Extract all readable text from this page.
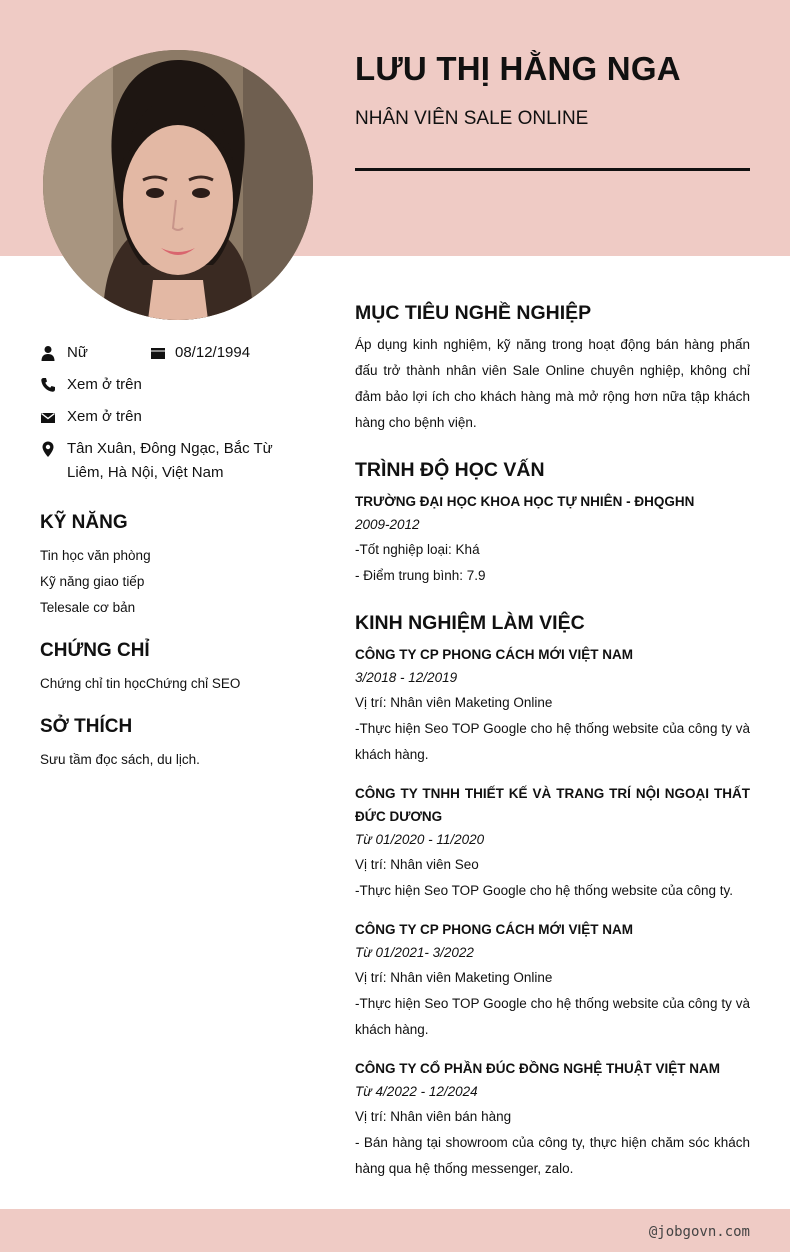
LƯU THỊ HẰNG NGA
NHÂN VIÊN SALE ONLINE
Nữ	08/12/1994
Xem ở trên
Xem ở trên
Tân Xuân, Đông Ngạc, Bắc Từ
Liêm, Hà Nội, Việt Nam
KỸ NĂNG
Tin học văn phòng
Kỹ năng giao tiếp
Telesale cơ bản
CHỨNG CHỈ
Chứng chỉ tin họcChứng chỉ SEO
SỞ THÍCH
Sưu tầm đọc sách, du lịch.
MỤC TIÊU NGHỀ NGHIỆP
Áp dụng kinh nghiệm, kỹ năng trong hoạt động bán hàng phấn đấu trở thành nhân viên Sale Online chuyên nghiệp, không chỉ đảm bảo lợi ích cho khách hàng mà mở rộng hơn nữa tập khách hàng cho bệnh viện.
TRÌNH ĐỘ HỌC VẤN
TRƯỜNG ĐẠI HỌC KHOA HỌC TỰ NHIÊN - ĐHQGHN
2009-2012
-Tốt nghiệp loại: Khá
- Điểm trung bình: 7.9
KINH NGHIỆM LÀM VIỆC
CÔNG TY CP PHONG CÁCH MỚI VIỆT NAM
3/2018 - 12/2019
Vị trí: Nhân viên Maketing Online
-Thực hiện Seo TOP Google cho hệ thống website của công ty và khách hàng.
CÔNG TY TNHH THIẾT KẾ VÀ TRANG TRÍ NỘI NGOẠI THẤT ĐỨC DƯƠNG
Từ 01/2020 - 11/2020
Vị trí: Nhân viên Seo
-Thực hiện Seo TOP Google cho hệ thống website của công ty.
CÔNG TY CP PHONG CÁCH MỚI VIỆT NAM
Từ 01/2021- 3/2022
Vị trí: Nhân viên Maketing Online
-Thực hiện Seo TOP Google cho hệ thống website của công ty và khách hàng.
CÔNG TY CỔ PHẦN ĐÚC ĐỒNG NGHỆ THUẬT VIỆT NAM
Từ 4/2022 - 12/2024
Vị trí: Nhân viên bán hàng
- Bán hàng tại showroom của công ty, thực hiện chăm sóc khách hàng qua hệ thống messenger, zalo.
@jobgovn.com
